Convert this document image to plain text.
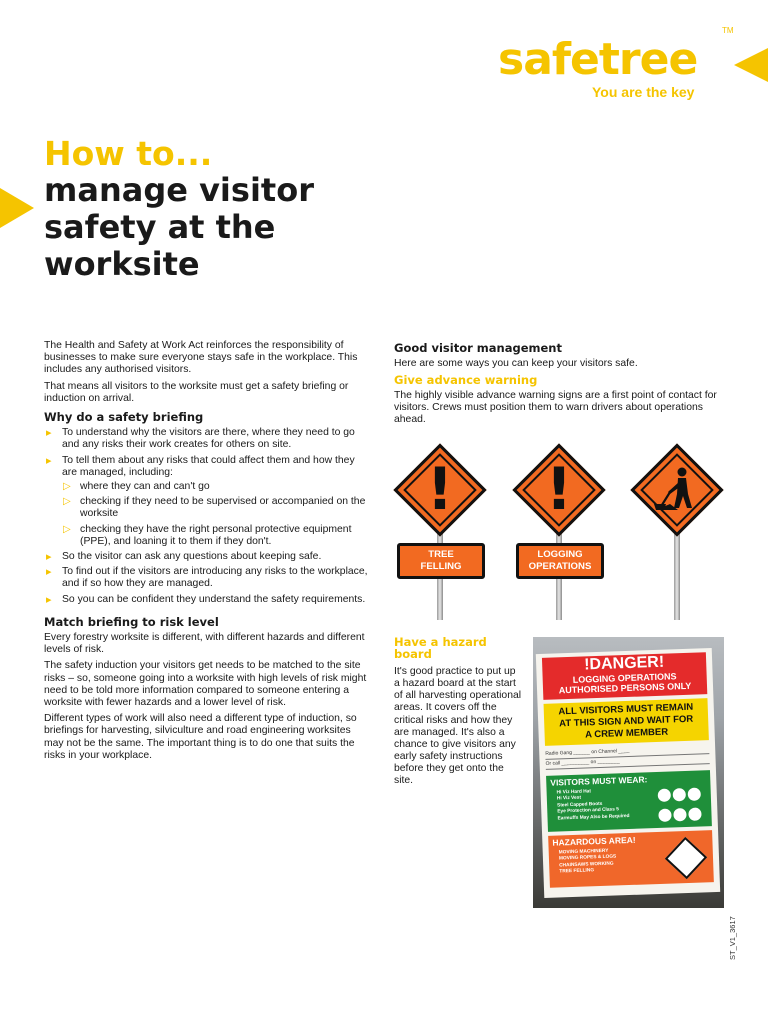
safetree
TM
You are the key
How to...
manage visitor
safety at the
worksite

The Health and Safety at Work Act reinforces the responsibility of businesses to make sure everyone stays safe in the workplace. This includes any authorised visitors.

That means all visitors to the worksite must get a safety briefing or induction on arrival.

Why do a safety briefing
▸ To understand why the visitors are there, where they need to go and any risks their work creates for others on site.
▸ To tell them about any risks that could affect them and how they are managed, including:
▷ where they can and can't go
▷ checking if they need to be supervised or accompanied on the worksite
▷ checking they have the right personal protective equipment (PPE), and loaning it to them if they don't.
▸ So the visitor can ask any questions about keeping safe.
▸ To find out if the visitors are introducing any risks to the workplace, and if so how they are managed.
▸ So you can be confident they understand the safety requirements.
Match briefing to risk level

Every forestry worksite is different, with different hazards and different levels of risk.

The safety induction your visitors get needs to be matched to the site risks – so, someone going into a worksite with high levels of risk might need to be told more information compared to someone entering a worksite with fewer hazards and a lower level of risk.

Different types of work will also need a different type of induction, so briefings for harvesting, silviculture and road engineering worksites may not be the same. The important thing is to do one that suits the risks in your workplace.

Good visitor management

Here are some ways you can keep your visitors safe.

Give advance warning

The highly visible advance warning signs are a first point of contact for visitors. Crews must position them to warn drivers about operations ahead.

! !
TREE
FELLING
LOGGING
OPERATIONS
Have a hazard board

It's good practice to put up a hazard board at the start of all harvesting operational areas. It covers off the critical risks and how they are managed. It's also a chance to give visitors any early safety instructions before they get onto the site.

!DANGER!
LOGGING OPERATIONS
AUTHORISED PERSONS ONLY
ALL VISITORS MUST REMAIN
AT THIS SIGN AND WAIT FOR
A CREW MEMBER
Radio Gang ______ on Channel ____
Or call __________ on ________
VISITORS MUST WEAR:
Hi Viz Hard Hat
Hi Viz Vest
Steel Capped Boots
Eye Protection and Class 5
Earmuffs May Also be Required
HAZARDOUS AREA!
MOVING MACHINERY
MOVING ROPES & LOGS
CHAINSAWS WORKING
TREE FELLING
ST_V1_3617
